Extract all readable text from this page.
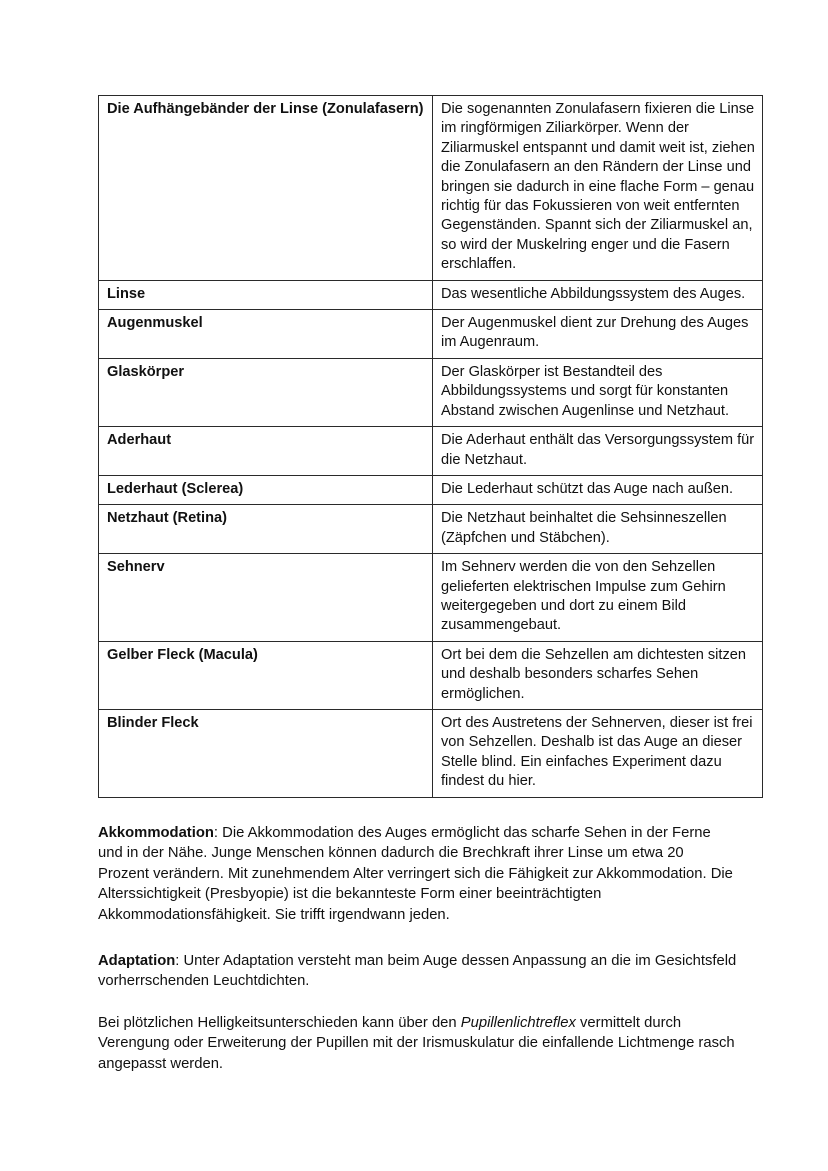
Die Aufhängebänder der Linse (Zonulafasern)	Die sogenannten Zonulafasern fixieren die Linse im ringförmigen Ziliarkörper. Wenn der Ziliarmuskel entspannt und damit weit ist, ziehen die Zonulafasern an den Rändern der Linse und bringen sie dadurch in eine flache Form – genau richtig für das Fokussieren von weit entfernten Gegenständen. Spannt sich der Ziliarmuskel an, so wird der Muskelring enger und die Fasern erschlaffen.
Linse	Das wesentliche Abbildungssystem des Auges.
Augenmuskel	Der Augenmuskel dient zur Drehung des Auges im Augenraum.
Glaskörper	Der Glaskörper ist Bestandteil des Abbildungssystems und sorgt für konstanten Abstand zwischen Augenlinse und Netzhaut.
Aderhaut	Die Aderhaut enthält das Versorgungssystem für die Netzhaut.
Lederhaut (Sclerea)	Die Lederhaut schützt das Auge nach außen.
Netzhaut (Retina)	Die Netzhaut beinhaltet die Sehsinneszellen (Zäpfchen und Stäbchen).
Sehnerv	Im Sehnerv werden die von den Sehzellen gelieferten elektrischen Impulse zum Gehirn weitergegeben und dort zu einem Bild zusammengebaut.
Gelber Fleck (Macula)	Ort bei dem die Sehzellen am dichtesten sitzen und deshalb besonders scharfes Sehen ermöglichen.
Blinder Fleck	Ort des Austretens der Sehnerven, dieser ist frei von Sehzellen. Deshalb ist das Auge an dieser Stelle blind. Ein einfaches Experiment dazu findest du hier.

Akkommodation: Die Akkommodation des Auges ermöglicht das scharfe Sehen in der Ferne und in der Nähe. Junge Menschen können dadurch die Brechkraft ihrer Linse um etwa 20 Prozent verändern. Mit zunehmendem Alter verringert sich die Fähigkeit zur Akkommodation. Die Alterssichtigkeit (Presbyopie) ist die bekannteste Form einer beeinträchtigten Akkommodationsfähigkeit. Sie trifft irgendwann jeden.

Adaptation: Unter Adaptation versteht man beim Auge dessen Anpassung an die im Gesichtsfeld vorherrschenden Leuchtdichten.

Bei plötzlichen Helligkeitsunterschieden kann über den Pupillenlichtreflex vermittelt durch Verengung oder Erweiterung der Pupillen mit der Irismuskulatur die einfallende Lichtmenge rasch angepasst werden.
